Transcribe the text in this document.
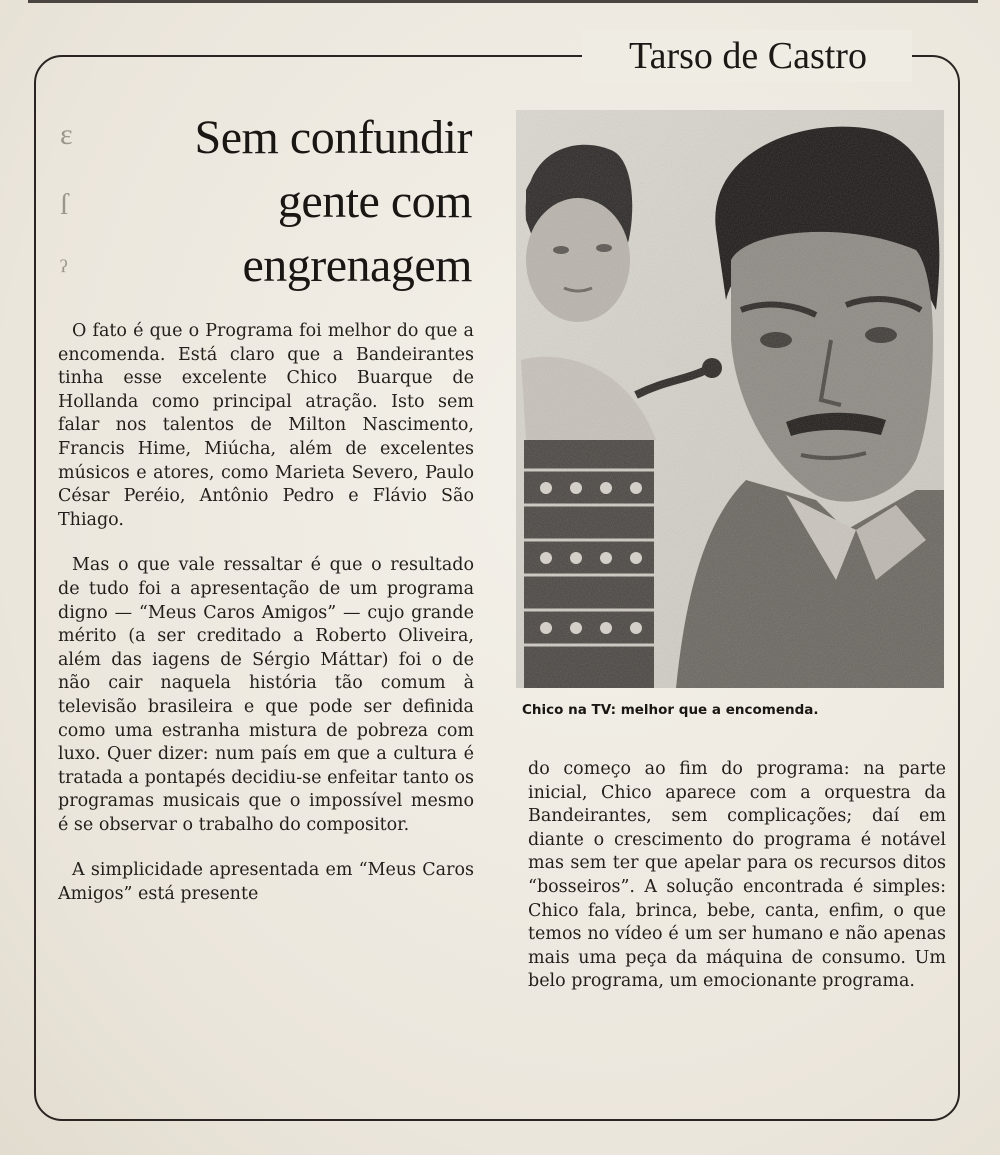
ɛ
ſ
ˀ
Tarso de Castro
Sem confundir
gente com
engrenagem
Chico na TV: melhor que a encomenda.

O fato é que o Programa foi melhor do que a encomenda. Está claro que a Bandeirantes tinha esse excelente Chico Buarque de Hollanda como principal atração. Isto sem falar nos talentos de Milton Nascimento, Francis Hime, Miúcha, além de excelentes músicos e atores, como Marieta Severo, Paulo César Peréio, Antônio Pedro e Flávio São Thiago.

Mas o que vale ressaltar é que o resultado de tudo foi a apresentação de um programa digno — “Meus Caros Amigos” — cujo grande mérito (a ser creditado a Roberto Oliveira, além das iagens de Sérgio Máttar) foi o de não cair naquela história tão comum à televisão brasileira e que pode ser definida como uma estranha mistura de pobreza com luxo. Quer dizer: num país em que a cultura é tratada a pontapés decidiu-se enfeitar tanto os programas musicais que o impossível mesmo é se observar o trabalho do compositor.

A simplicidade apresentada em “Meus Caros Amigos” está presente

do começo ao fim do programa: na parte inicial, Chico aparece com a orquestra da Bandeirantes, sem complicações; daí em diante o crescimento do programa é notável mas sem ter que apelar para os recursos ditos “bosseiros”. A solução encontrada é simples: Chico fala, brinca, bebe, canta, enfim, o que temos no vídeo é um ser humano e não apenas mais uma peça da máquina de consumo. Um belo programa, um emocionante programa.
